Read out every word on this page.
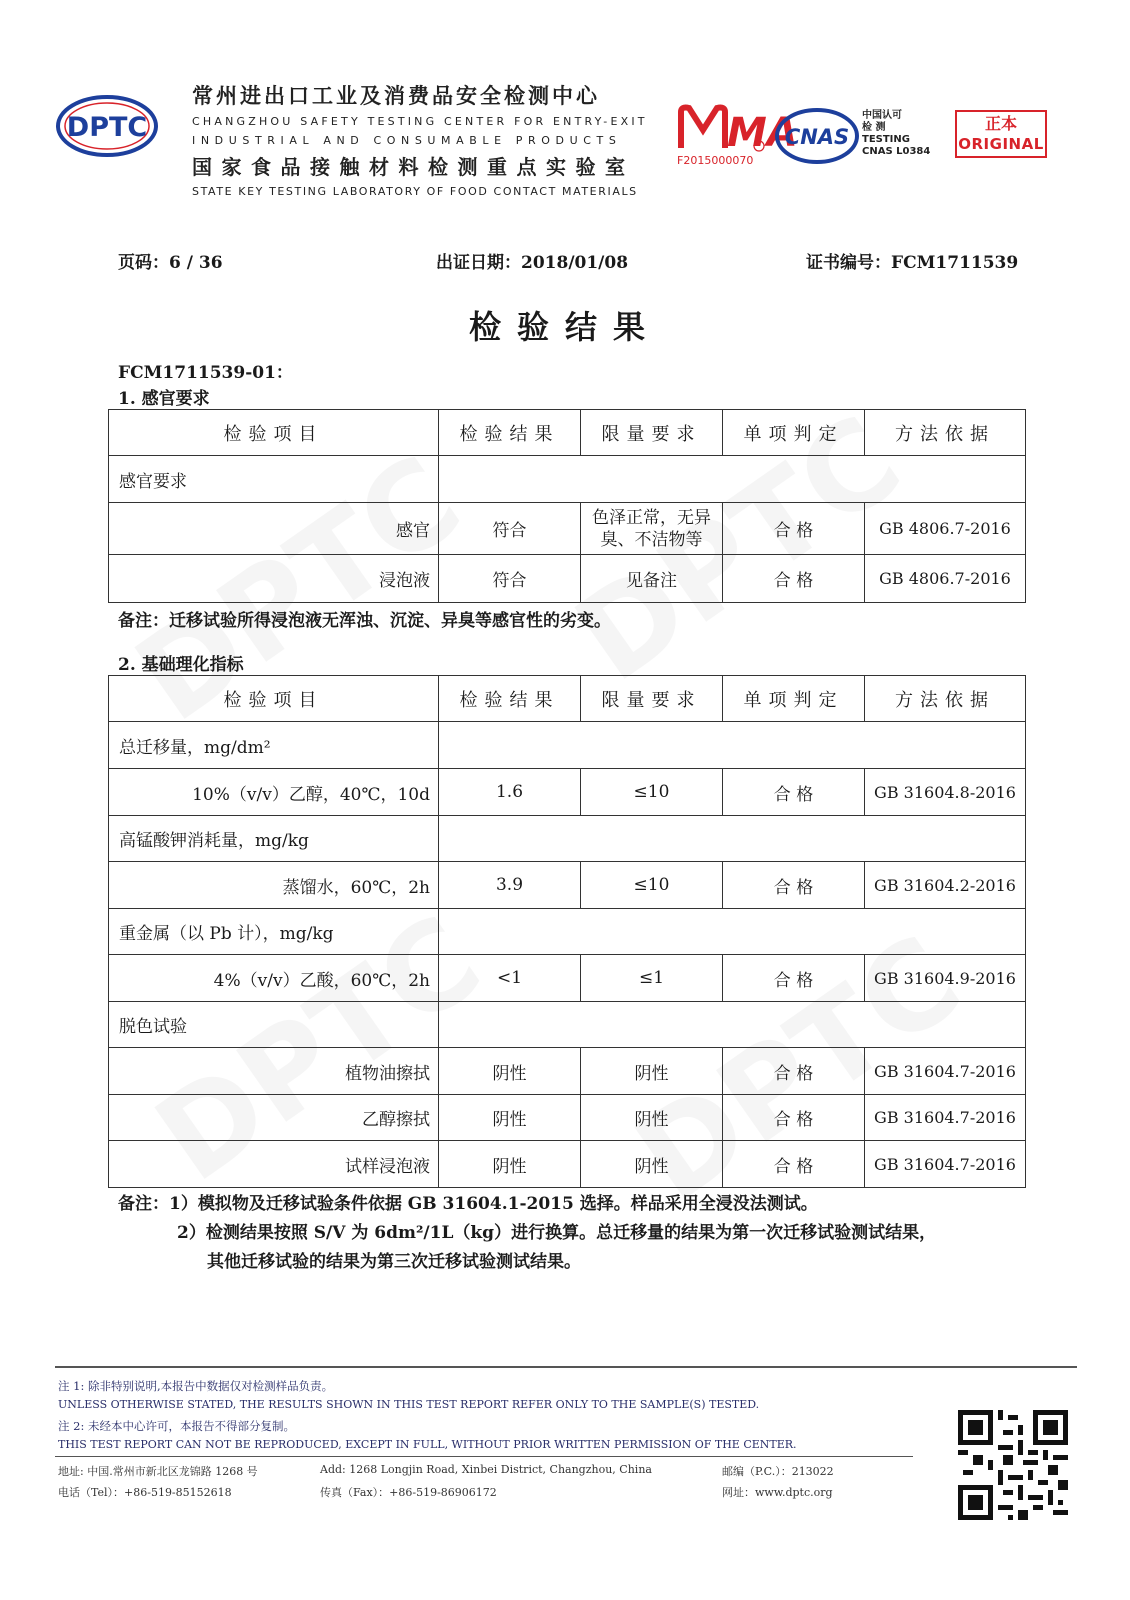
DPTC
常州进出口工业及消费品安全检测中心
CHANGZHOU SAFETY TESTING CENTER FOR ENTRY-EXIT
INDUSTRIAL AND CONSUMABLE PRODUCTS
国家食品接触材料检测重点实验室
STATE KEY TESTING LABORATORY OF FOOD CONTACT MATERIALS
MA
F2015000070
CNAS
中国认可
检 测
TESTING
CNAS L0384
正本
ORIGINAL
页码：6 / 36	出证日期：2018/01/08	证书编号：FCM1711539
检验结果
FCM1711539-01：
1. 感官要求
检验项目	检验结果	限量要求	单项判定	方法依据
感官要求				
感官	符合	色泽正常，无异臭、不洁物等	合 格	GB 4806.7-2016
浸泡液	符合	见备注	合 格	GB 4806.7-2016
备注：迁移试验所得浸泡液无浑浊、沉淀、异臭等感官性的劣变。
2. 基础理化指标
检验项目	检验结果	限量要求	单项判定	方法依据
总迁移量，mg/dm²				
10%（v/v）乙醇，40℃，10d	1.6	≤10	合 格	GB 31604.8-2016
高锰酸钾消耗量，mg/kg				
蒸馏水，60℃，2h	3.9	≤10	合 格	GB 31604.2-2016
重金属（以 Pb 计），mg/kg				
4%（v/v）乙酸，60℃，2h	<1	≤1	合 格	GB 31604.9-2016
脱色试验				
植物油擦拭	阴性	阴性	合 格	GB 31604.7-2016
乙醇擦拭	阴性	阴性	合 格	GB 31604.7-2016
试样浸泡液	阴性	阴性	合 格	GB 31604.7-2016
备注：1）模拟物及迁移试验条件依据 GB 31604.1-2015 选择。样品采用全浸没法测试。
2）检测结果按照 S/V 为 6dm²/1L（kg）进行换算。总迁移量的结果为第一次迁移试验测试结果，
其他迁移试验的结果为第三次迁移试验测试结果。
注 1: 除非特别说明,本报告中数据仅对检测样品负责。
UNLESS OTHERWISE STATED, THE RESULTS SHOWN IN THIS TEST REPORT REFER ONLY TO THE SAMPLE(S) TESTED.
注 2: 未经本中心许可，本报告不得部分复制。
THIS TEST REPORT CAN NOT BE REPRODUCED, EXCEPT IN FULL, WITHOUT PRIOR WRITTEN PERMISSION OF THE CENTER.
地址: 中国.常州市新北区龙锦路 1268 号	Add: 1268 Longjin Road, Xinbei District, Changzhou, China	邮编（P.C.）：213022
电话（Tel）：+86-519-85152618	传真（Fax）：+86-519-86906172	网址：www.dptc.org
